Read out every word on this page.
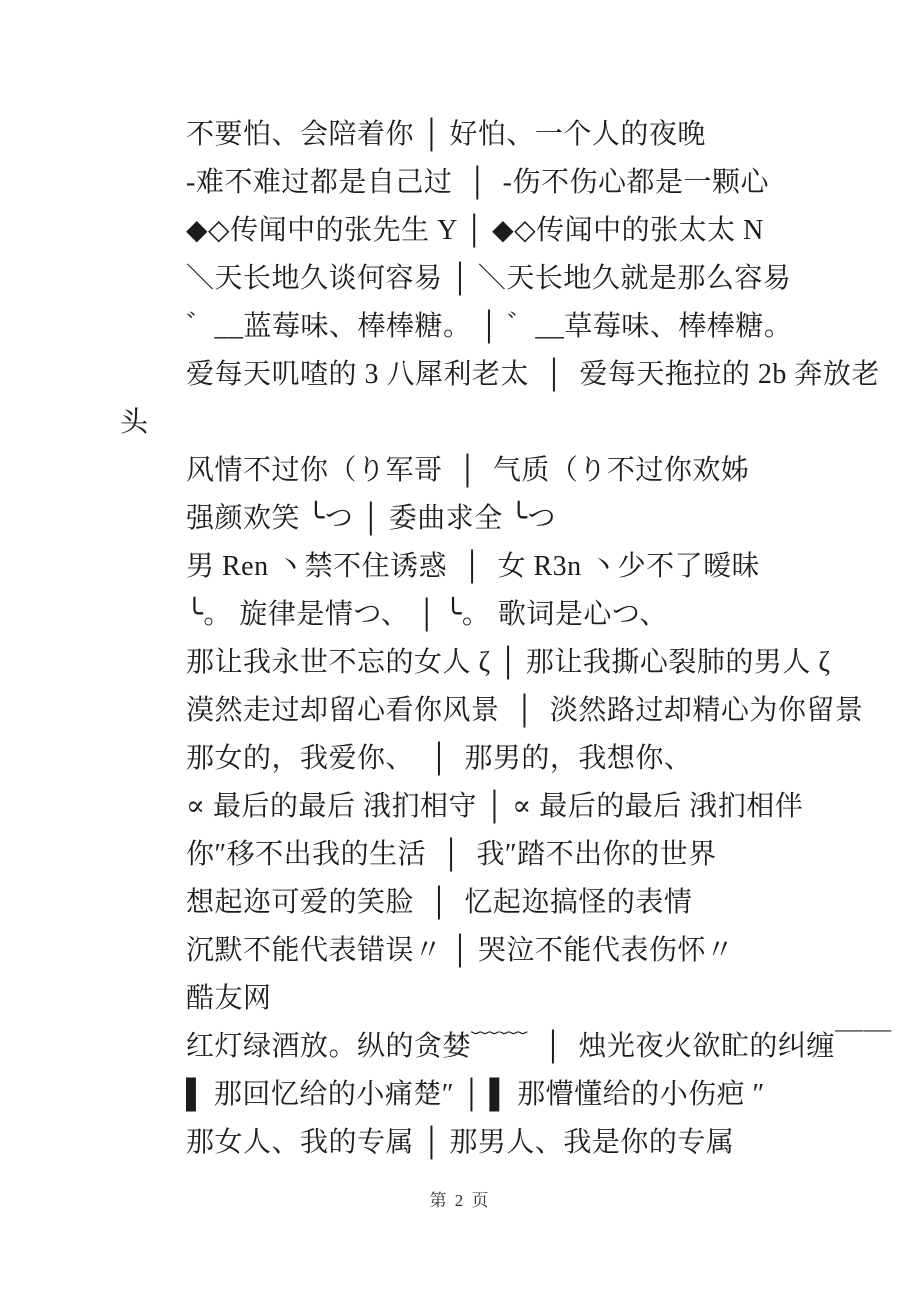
不要怕、会陪着你 │ 好怕、一个人的夜晚

-难不难过都是自己过  │  -伤不伤心都是一颗心

◆◇传闻中的张先生 Y │ ◆◇传闻中的张太太 N

＼天长地久谈何容易 │ ＼天长地久就是那么容易

゛__蓝莓味、棒棒糖。 │ ゛__草莓味、棒棒糖。

爱每天叽喳的 3 八犀利老太  │  爱每天拖拉的 2b 奔放老

头

风情不过你（り军哥  │  气质（り不过你欢姊

强颜欢笑 ╰つ │ 委曲求全 ╰つ

男 Ren 丶禁不住诱惑  │  女 R3n 丶少不了暧昧

╰。 旋律是情つ、 │ ╰。 歌词是心つ、

那让我永世不忘的女人 ζ │ 那让我撕心裂肺的男人 ζ

漠然走过却留心看你风景  │  淡然路过却精心为你留景

那女的，我爱你、  │  那男的，我想你、

∝ 最后的最后 涐扪相守 │ ∝ 最后的最后 涐扪相伴

你″移不出我的生活  │  我″踏不出你的世界

想起迩可爱的笑脸  │  忆起迩搞怪的表情

沉默不能代表错误〃 │ 哭泣不能代表伤怀〃

酷友网

红灯绿酒放。纵的贪婪﹋﹋  │  烛光夜火欲盳的纠缠￣￣

▌ 那回忆给的小痛楚″ │ ▌ 那懵懂给的小伤疤 ″

那女人、我的专属 │ 那男人、我是你的专属

第 2 页
